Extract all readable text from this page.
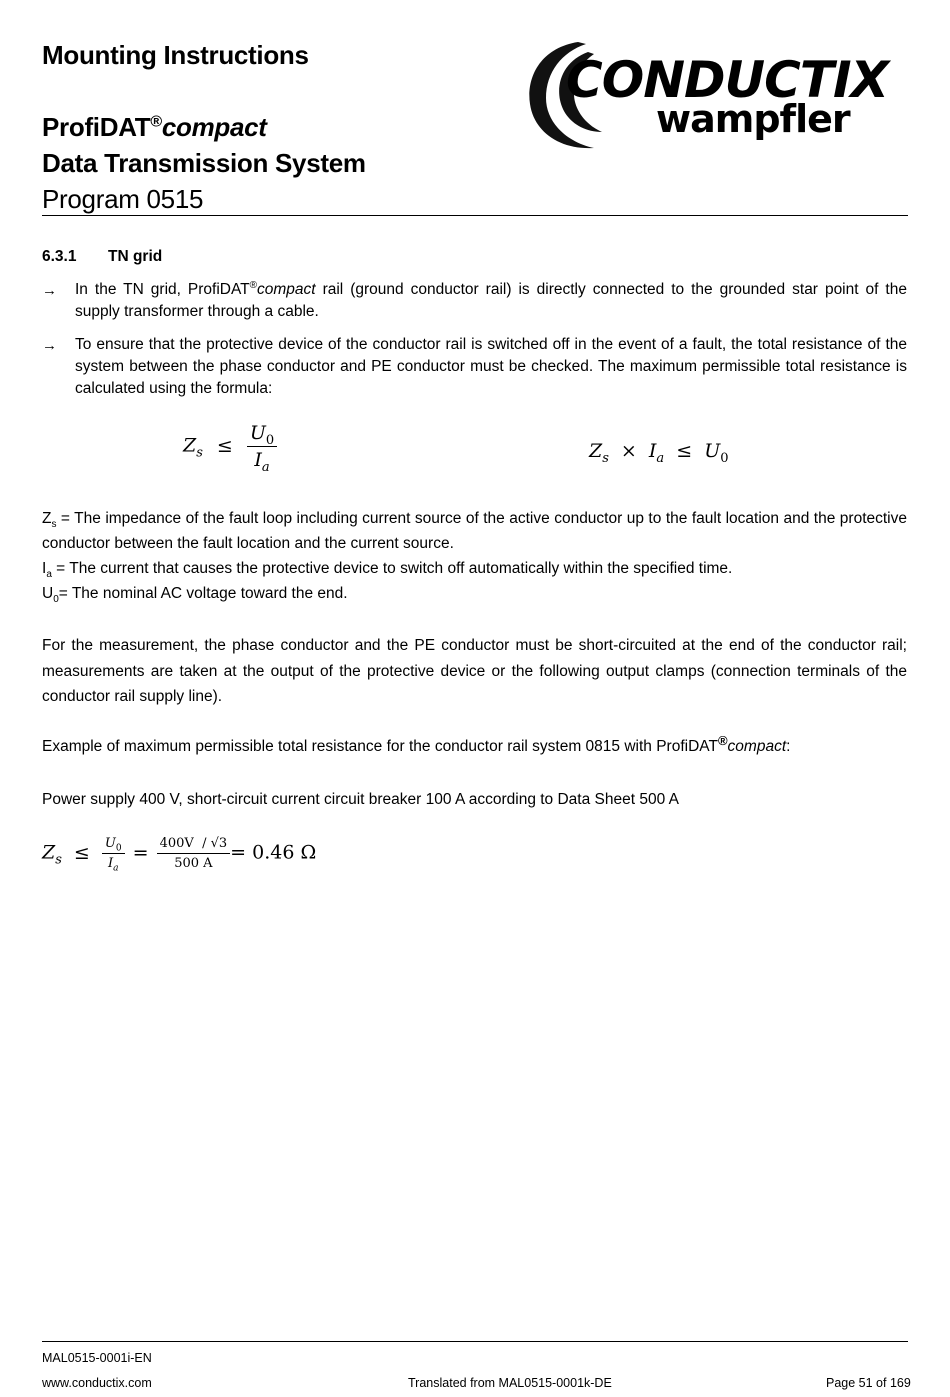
Mounting Instructions
ProfiDAT®compact
Data Transmission System
Program 0515
CONDUCTIX
wampfler
6.3.1 TN grid
→ In the TN grid, ProfiDAT®compact rail (ground conductor rail) is directly connected to the grounded star point of the supply transformer through a cable.
→ To ensure that the protective device of the conductor rail is switched off in the event of a fault, the total resistance of the system between the phase conductor and PE conductor must be checked. The maximum permissible total resistance is calculated using the formula:
$Z_s \le \frac{U_0}{I_a}$	$Z_s \times I_a \le U_0$
$Z_s$ = The impedance of the fault loop including current source of the active conductor up to the fault location and the protective conductor between the fault location and the current source.
$I_a$ = The current that causes the protective device to switch off automatically within the specified time.
$U_0=$ The nominal AC voltage toward the end.
For the measurement, the phase conductor and the PE conductor must be short-circuited at the end of the conductor rail; measurements are taken at the output of the protective device or the following output clamps (connection terminals of the conductor rail supply line).
Example of maximum permissible total resistance for the conductor rail system 0815 with ProfiDAT®compact:
Power supply 400 V, short-circuit current circuit breaker 100 A according to Data Sheet 500 A
$Z_s \le \frac{U_0}{I_a} = \frac{400V / √3}{500 A} = 0.46$ Ω
MAL0515-0001i-EN
www.conductix.com	Translated from MAL0515-0001k-DE	Page 51 of 169
